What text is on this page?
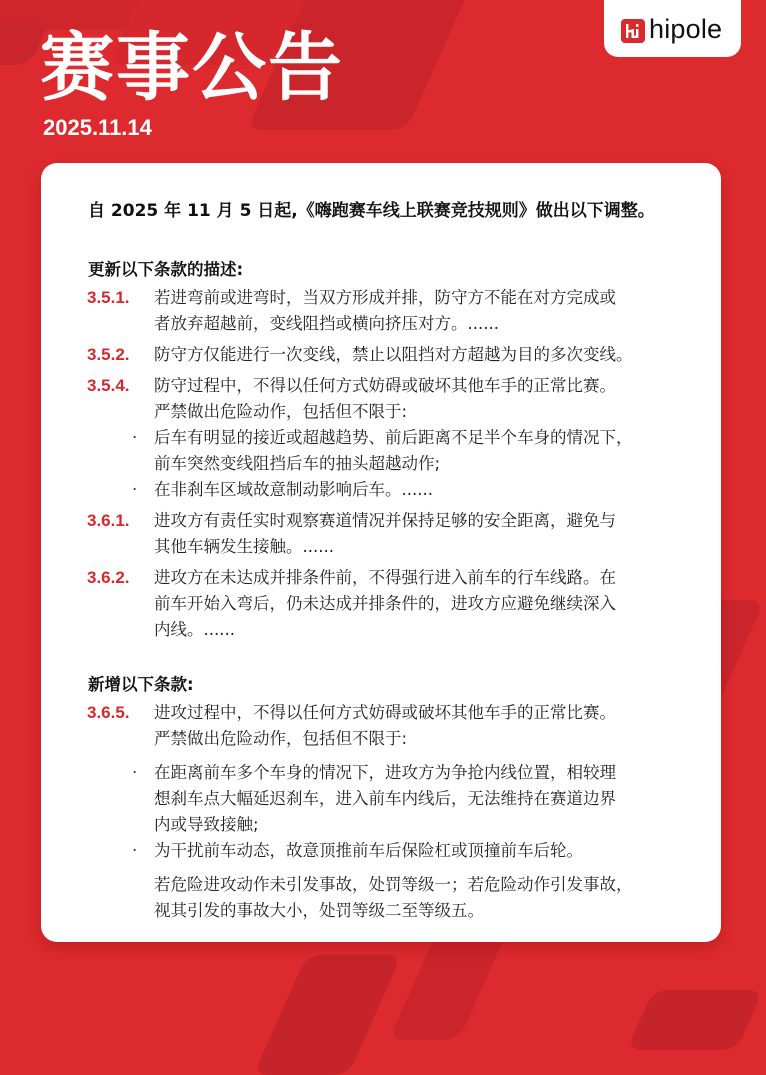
赛事公告
2025.11.14
hipole
自 2025 年 11 月 5 日起,《嗨跑赛车线上联赛竞技规则》做出以下调整。
更新以下条款的描述:
3.5.1. 若进弯前或进弯时，当双方形成并排，防守方不能在对方完成或
者放弃超越前，变线阻挡或横向挤压对方。......
3.5.2. 防守方仅能进行一次变线，禁止以阻挡对方超越为目的多次变线。
3.5.4. 防守过程中，不得以任何方式妨碍或破坏其他车手的正常比赛。
严禁做出危险动作，包括但不限于:
· 后车有明显的接近或超越趋势、前后距离不足半个车身的情况下，
前车突然变线阻挡后车的抽头超越动作;
· 在非刹车区域故意制动影响后车。......
3.6.1. 进攻方有责任实时观察赛道情况并保持足够的安全距离，避免与
其他车辆发生接触。......
3.6.2. 进攻方在未达成并排条件前，不得强行进入前车的行车线路。在
前车开始入弯后，仍未达成并排条件的，进攻方应避免继续深入
内线。......
新增以下条款:
3.6.5. 进攻过程中，不得以任何方式妨碍或破坏其他车手的正常比赛。
严禁做出危险动作，包括但不限于:
· 在距离前车多个车身的情况下，进攻方为争抢内线位置，相较理
想刹车点大幅延迟刹车，进入前车内线后，无法维持在赛道边界
内或导致接触;
· 为干扰前车动态，故意顶推前车后保险杠或顶撞前车后轮。
若危险进攻动作未引发事故，处罚等级一；若危险动作引发事故，
视其引发的事故大小，处罚等级二至等级五。
